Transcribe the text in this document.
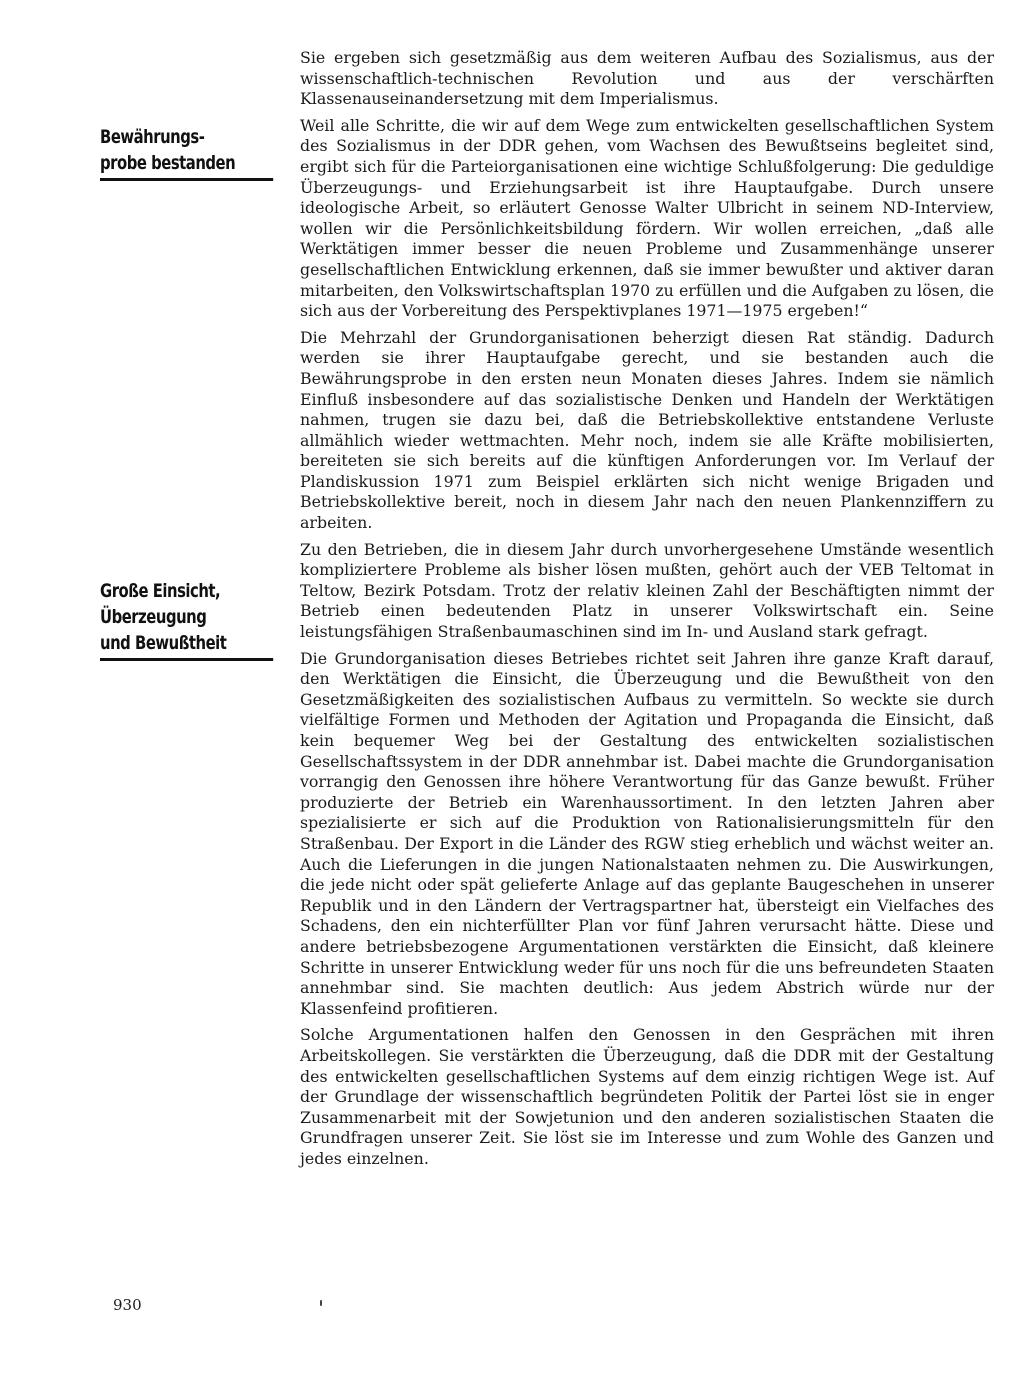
Bewährungs-
probe bestanden
Große Einsicht,
Überzeugung
und Bewußtheit

Sie ergeben sich gesetzmäßig aus dem weiteren Aufbau des Sozialismus, aus der wissenschaftlich-technischen Revolution und aus der verschärften Klassenauseinandersetzung mit dem Imperialismus.

Weil alle Schritte, die wir auf dem Wege zum entwickelten gesellschaftlichen System des Sozialismus in der DDR gehen, vom Wachsen des Bewußtseins begleitet sind, ergibt sich für die Parteiorganisationen eine wichtige Schlußfolgerung: Die geduldige Überzeugungs- und Erziehungsarbeit ist ihre Hauptaufgabe. Durch unsere ideologische Arbeit, so erläutert Genosse Walter Ulbricht in seinem ND-Interview, wollen wir die Persönlichkeitsbildung fördern. Wir wollen erreichen, „daß alle Werktätigen immer besser die neuen Probleme und Zusammenhänge unserer gesellschaftlichen Entwicklung erkennen, daß sie immer bewußter und aktiver daran mitarbeiten, den Volkswirtschaftsplan 1970 zu erfüllen und die Aufgaben zu lösen, die sich aus der Vorbereitung des Perspektivplanes 1971—1975 ergeben!“

Die Mehrzahl der Grundorganisationen beherzigt diesen Rat ständig. Dadurch werden sie ihrer Hauptaufgabe gerecht, und sie bestanden auch die Bewährungsprobe in den ersten neun Monaten dieses Jahres. Indem sie nämlich Einfluß insbesondere auf das sozialistische Denken und Handeln der Werktätigen nahmen, trugen sie dazu bei, daß die Betriebskollektive entstandene Verluste allmählich wieder wettmachten. Mehr noch, indem sie alle Kräfte mobilisierten, bereiteten sie sich bereits auf die künftigen Anforderungen vor. Im Verlauf der Plandiskussion 1971 zum Beispiel erklärten sich nicht wenige Brigaden und Betriebskollektive bereit, noch in diesem Jahr nach den neuen Plankennziffern zu arbeiten.

Zu den Betrieben, die in diesem Jahr durch unvorhergesehene Umstände wesentlich kompliziertere Probleme als bisher lösen mußten, gehört auch der VEB Teltomat in Teltow, Bezirk Potsdam. Trotz der relativ kleinen Zahl der Beschäftigten nimmt der Betrieb einen bedeutenden Platz in unserer Volkswirtschaft ein. Seine leistungsfähigen Straßenbaumaschinen sind im In- und Ausland stark gefragt.

Die Grundorganisation dieses Betriebes richtet seit Jahren ihre ganze Kraft darauf, den Werktätigen die Einsicht, die Überzeugung und die Bewußtheit von den Gesetzmäßigkeiten des sozialistischen Aufbaus zu vermitteln. So weckte sie durch vielfältige Formen und Methoden der Agitation und Propaganda die Einsicht, daß kein bequemer Weg bei der Gestaltung des entwickelten sozialistischen Gesellschaftssystem in der DDR annehmbar ist. Dabei machte die Grundorganisation vorrangig den Genossen ihre höhere Verantwortung für das Ganze bewußt. Früher produzierte der Betrieb ein Warenhaussortiment. In den letzten Jahren aber spezialisierte er sich auf die Produktion von Rationalisierungsmitteln für den Straßenbau. Der Export in die Länder des RGW stieg erheblich und wächst weiter an. Auch die Lieferungen in die jungen Nationalstaaten nehmen zu. Die Auswirkungen, die jede nicht oder spät gelieferte Anlage auf das geplante Baugeschehen in unserer Republik und in den Ländern der Vertragspartner hat, übersteigt ein Vielfaches des Schadens, den ein nichterfüllter Plan vor fünf Jahren verursacht hätte. Diese und andere betriebsbezogene Argumentationen verstärkten die Einsicht, daß kleinere Schritte in unserer Entwicklung weder für uns noch für die uns befreundeten Staaten annehmbar sind. Sie machten deutlich: Aus jedem Abstrich würde nur der Klassenfeind profitieren.

Solche Argumentationen halfen den Genossen in den Gesprächen mit ihren Arbeitskollegen. Sie verstärkten die Überzeugung, daß die DDR mit der Gestaltung des entwickelten gesellschaftlichen Systems auf dem einzig richtigen Wege ist. Auf der Grundlage der wissenschaftlich begründeten Politik der Partei löst sie in enger Zusammenarbeit mit der Sowjetunion und den anderen sozialistischen Staaten die Grundfragen unserer Zeit. Sie löst sie im Interesse und zum Wohle des Ganzen und jedes einzelnen.

930
